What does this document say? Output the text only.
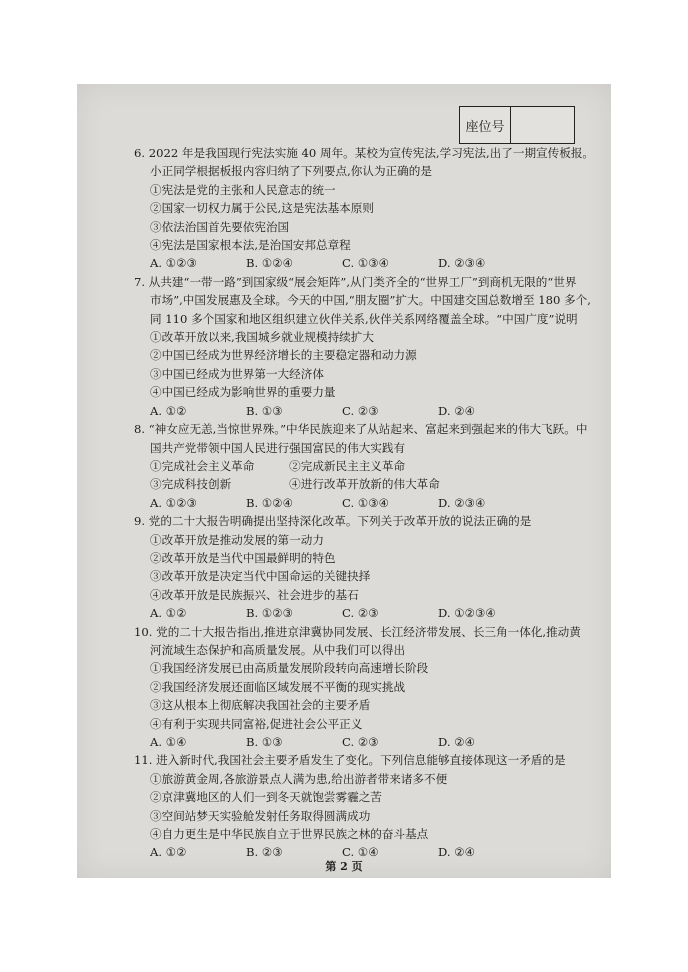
座位号
6. 2022 年是我国现行宪法实施 40 周年。某校为宣传宪法,学习宪法,出了一期宣传板报。
小正同学根据板报内容归纳了下列要点,你认为正确的是
①宪法是党的主张和人民意志的统一
②国家一切权力属于公民,这是宪法基本原则
③依法治国首先要依宪治国
④宪法是国家根本法,是治国安邦总章程
A. ①②③	B. ①②④	C. ①③④	D. ②③④
7. 从共建“一带一路”到国家级“展会矩阵”,从门类齐全的“世界工厂”到商机无限的“世界
市场”,中国发展惠及全球。今天的中国,“朋友圈”扩大。中国建交国总数增至 180 多个,
同 110 多个国家和地区组织建立伙伴关系,伙伴关系网络覆盖全球。“中国广度”说明
①改革开放以来,我国城乡就业规模持续扩大
②中国已经成为世界经济增长的主要稳定器和动力源
③中国已经成为世界第一大经济体
④中国已经成为影响世界的重要力量
A. ①②	B. ①③	C. ②③	D. ②④
8. “神女应无恙,当惊世界殊。”中华民族迎来了从站起来、富起来到强起来的伟大飞跃。中
国共产党带领中国人民进行强国富民的伟大实践有
①完成社会主义革命　　　②完成新民主主义革命
③完成科技创新　　　　　④进行改革开放新的伟大革命
A. ①②③	B. ①②④	C. ①③④	D. ②③④
9. 党的二十大报告明确提出坚持深化改革。下列关于改革开放的说法正确的是
①改革开放是推动发展的第一动力
②改革开放是当代中国最鲜明的特色
③改革开放是决定当代中国命运的关键抉择
④改革开放是民族振兴、社会进步的基石
A. ①②	B. ①②③	C. ②③	D. ①②③④
10. 党的二十大报告指出,推进京津冀协同发展、长江经济带发展、长三角一体化,推动黄
河流域生态保护和高质量发展。从中我们可以得出
①我国经济发展已由高质量发展阶段转向高速增长阶段
②我国经济发展还面临区域发展不平衡的现实挑战
③这从根本上彻底解决我国社会的主要矛盾
④有利于实现共同富裕,促进社会公平正义
A. ①④	B. ①③	C. ②③	D. ②④
11. 进入新时代,我国社会主要矛盾发生了变化。下列信息能够直接体现这一矛盾的是
①旅游黄金周,各旅游景点人满为患,给出游者带来诸多不便
②京津冀地区的人们一到冬天就饱尝雾霾之苦
③空间站梦天实验舱发射任务取得圆满成功
④自力更生是中华民族自立于世界民族之林的奋斗基点
A. ①②	B. ②③	C. ①④	D. ②④
第 2 页
